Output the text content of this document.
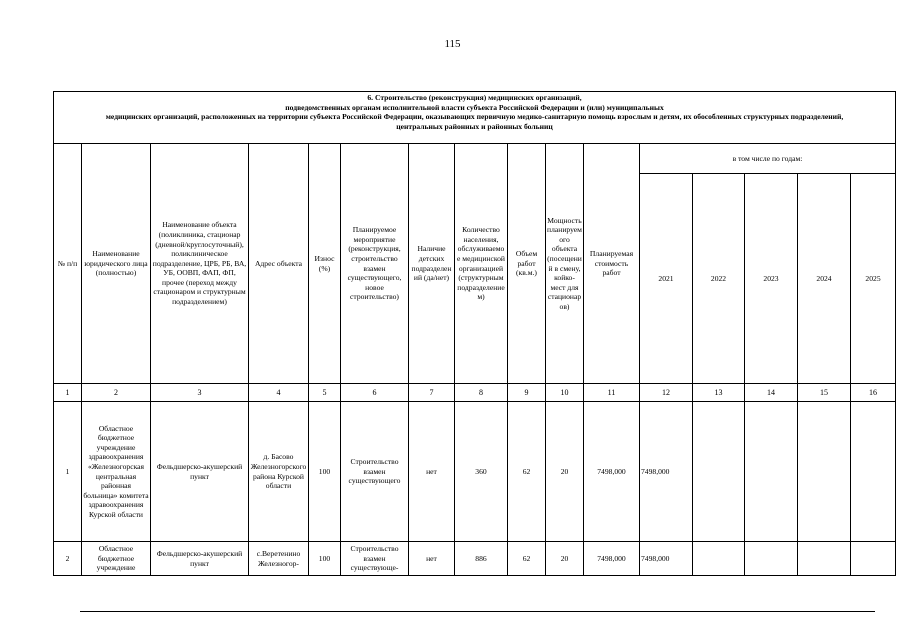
115
6. Строительство (реконструкция) медицинских организаций,
подведомственных органам исполнительной власти субъекта Российской Федерации и (или) муниципальных
медицинских организаций, расположенных на территории субъекта Российской Федерации, оказывающих первичную медико-санитарную помощь взрослым и детям, их обособленных структурных подразделений,
центральных районных и районных больниц															

№ п/п	Наименование юридического лица (полностью)	Наименование объекта (поликлиника, стационар (дневной/круглосуточный), поликлиническое подразделение, ЦРБ, РБ, ВА, УБ, ООВП, ФАП, ФП, прочее (переход между стационаром и структурным подразделением)	Адрес объекта	Износ (%)	Планируемое мероприятие (реконструкция, строительство взамен существующего, новое строительство)	Наличие детских подразделений (да/нет)	Количество населения, обслуживаемое медицинской организацией (структурным подразделением)	Объем работ (кв.м.)	Мощность планируемого объекта (посещений в смену, койко-мест для стационаров)	Планируемая стоимость работ	в том числе по годам:				
											2021	2022	2023	2024	2025
1	2	3	4	5	6	7	8	9	10	11	12	13	14	15	16
1	Областное бюджетное учреждение здравоохранения «Железногорская центральная районная больница» комитета здравоохранения Курской области	Фельдшерско-акушерский пункт	д. Басово Железногорского района Курской области	100	Строительство взамен существующего	нет	360	62	20	7498,000	7498,000				
2	Областное бюджетное учреждение	Фельдшерско-акушерский пункт	с.Веретенино Железногор-	100	Строительство взамен существующе-	нет	886	62	20	7498,000	7498,000				
